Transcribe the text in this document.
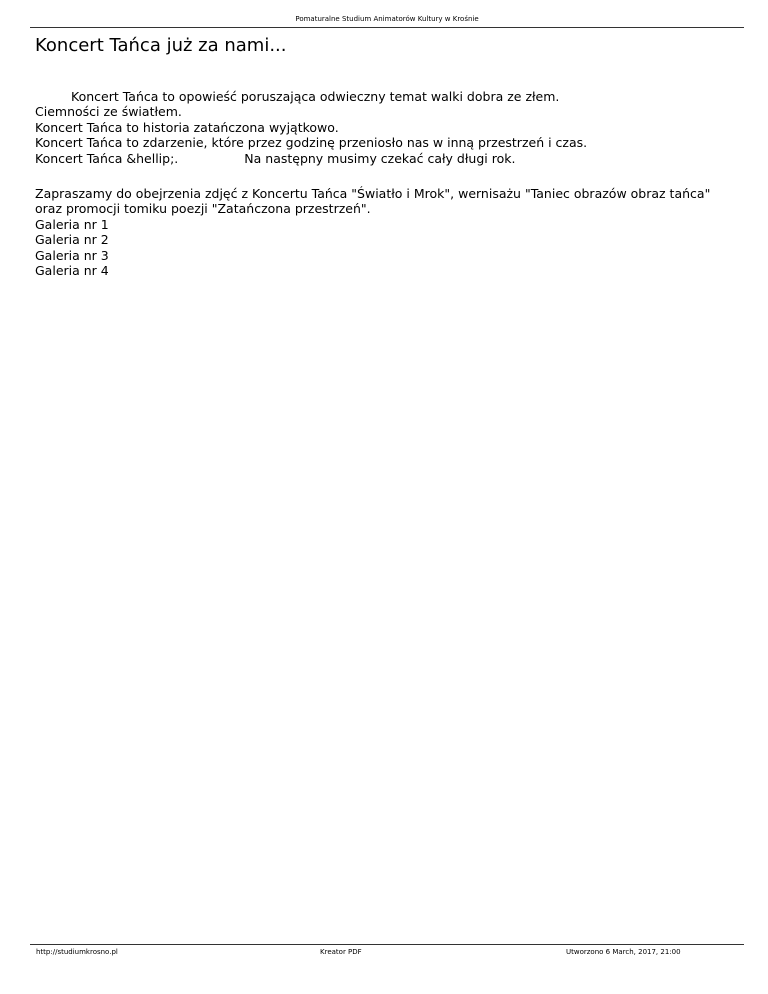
Pomaturalne Studium Animatorów Kultury w Krośnie
Koncert Tańca już za nami...

Koncert Tańca to opowieść poruszająca odwieczny temat walki dobra ze złem.
Ciemności ze światłem.
Koncert Tańca to historia zatańczona wyjątkowo.
Koncert Tańca to zdarzenie, które przez godzinę przeniosło nas w inną przestrzeń i czas.
Koncert Tańca &hellip;.	Na następny musimy czekać cały długi rok.

Zapraszamy do obejrzenia zdjęć z Koncertu Tańca "Światło i Mrok", wernisażu "Taniec obrazów obraz tańca" oraz promocji tomiku poezji "Zatańczona przestrzeń".
Galeria nr 1
Galeria nr 2
Galeria nr 3
Galeria nr 4

http://studiumkrosno.pl	Kreator PDF	Utworzono 6 March, 2017, 21:00
